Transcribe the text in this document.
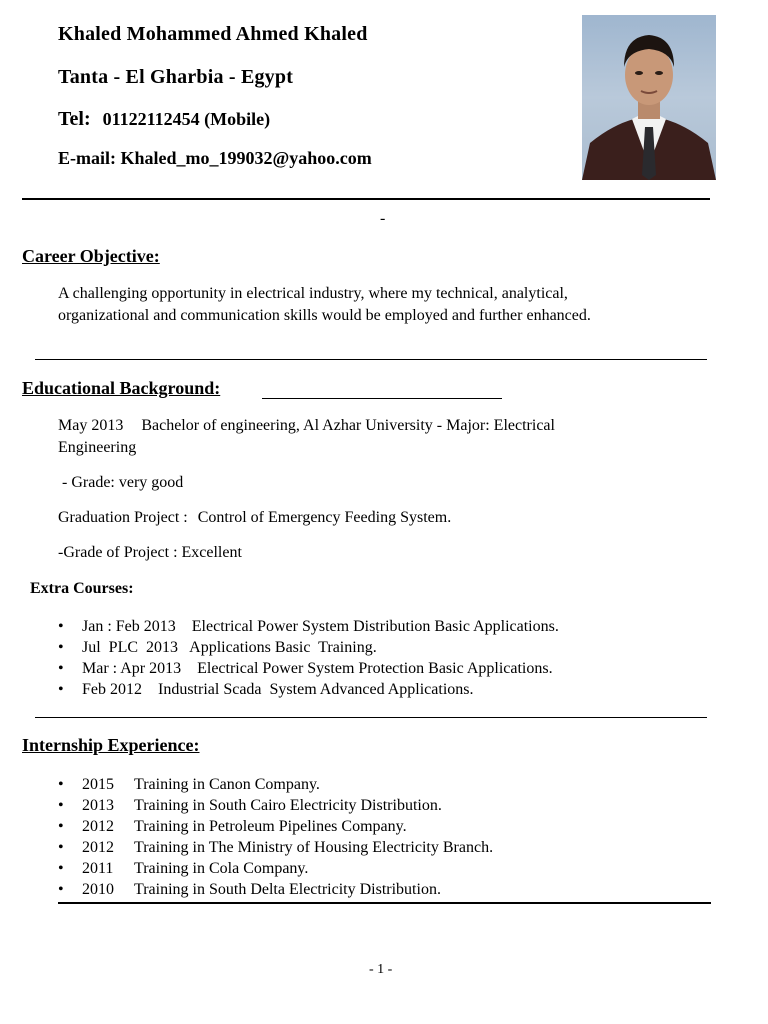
Khaled Mohammed Ahmed Khaled
Tanta - El Gharbia - Egypt
Tel: 01122112454 (Mobile)
E-mail: Khaled_mo_199032@yahoo.com
-
Career Objective:
A challenging opportunity in electrical industry, where my technical, analytical,
organizational and communication skills would be employed and further enhanced.
Educational Background:
May 2013 Bachelor of engineering, Al Azhar University - Major: Electrical
Engineering
- Grade: very good
Graduation Project : Control of Emergency Feeding System.
-Grade of Project : Excellent
Extra Courses:
• Jan : Feb 2013    Electrical Power System Distribution Basic Applications.
• Jul  PLC  2013   Applications Basic  Training.
• Mar : Apr 2013    Electrical Power System Protection Basic Applications.
• Feb 2012    Industrial Scada  System Advanced Applications.
Internship Experience:
• 2015 Training in Canon Company.
• 2013 Training in South Cairo Electricity Distribution.
• 2012 Training in Petroleum Pipelines Company.
• 2012 Training in The Ministry of Housing Electricity Branch.
• 2011 Training in Cola Company.
• 2010 Training in South Delta Electricity Distribution.
- 1 -
